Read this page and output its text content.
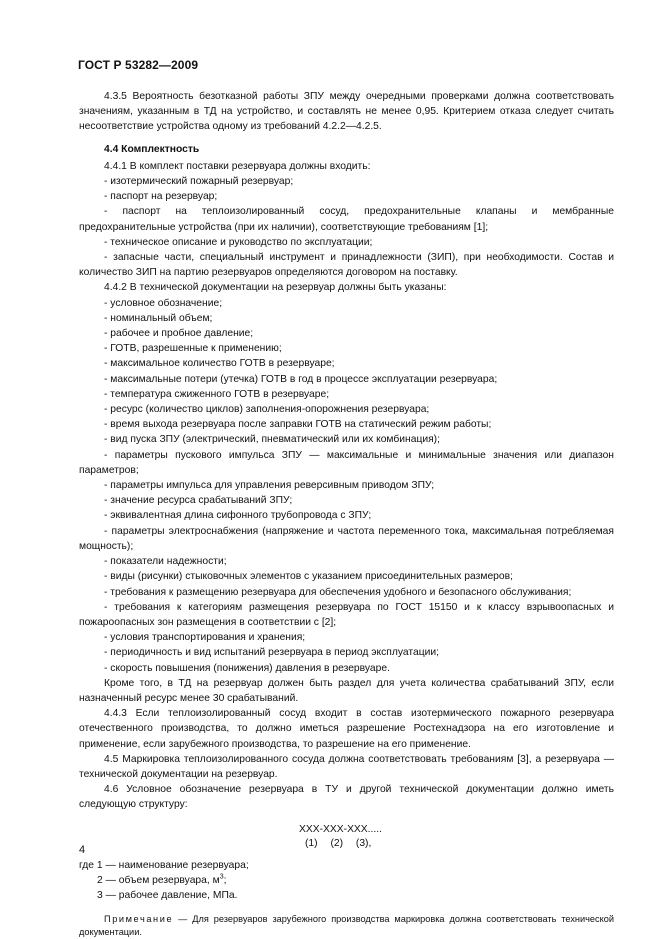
ГОСТ Р 53282—2009

4.3.5 Вероятность безотказной работы ЗПУ между очередными проверками должна соответствовать значениям, указанным в ТД на устройство, и составлять не менее 0,95. Критерием отказа следует считать несоответствие устройства одному из требований 4.2.2—4.2.5.

4.4 Комплектность

4.4.1 В комплект поставки резервуара должны входить:

- изотермический пожарный резервуар;

- паспорт на резервуар;

- паспорт на теплоизолированный сосуд, предохранительные клапаны и мембранные предохранительные устройства (при их наличии), соответствующие требованиям [1];

- техническое описание и руководство по эксплуатации;

- запасные части, специальный инструмент и принадлежности (ЗИП), при необходимости. Состав и количество ЗИП на партию резервуаров определяются договором на поставку.

4.4.2 В технической документации на резервуар должны быть указаны:

- условное обозначение;

- номинальный объем;

- рабочее и пробное давление;

- ГОТВ, разрешенные к применению;

- максимальное количество ГОТВ в резервуаре;

- максимальные потери (утечка) ГОТВ в год в процессе эксплуатации резервуара;

- температура сжиженного ГОТВ в резервуаре;

- ресурс (количество циклов) заполнения-опорожнения резервуара;

- время выхода резервуара после заправки ГОТВ на статический режим работы;

- вид пуска ЗПУ (электрический, пневматический или их комбинация);

- параметры пускового импульса ЗПУ — максимальные и минимальные значения или диапазон параметров;

- параметры импульса для управления реверсивным приводом ЗПУ;

- значение ресурса срабатываний ЗПУ;

- эквивалентная длина сифонного трубопровода с ЗПУ;

- параметры электроснабжения (напряжение и частота переменного тока, максимальная потребляемая мощность);

- показатели надежности;

- виды (рисунки) стыковочных элементов с указанием присоединительных размеров;

- требования к размещению резервуара для обеспечения удобного и безопасного обслуживания;

- требования к категориям размещения резервуара по ГОСТ 15150 и к классу взрывоопасных и пожароопасных зон размещения в соответствии с [2];

- условия транспортирования и хранения;

- периодичность и вид испытаний резервуара в период эксплуатации;

- скорость повышения (понижения) давления в резервуаре.

Кроме того, в ТД на резервуар должен быть раздел для учета количества срабатываний ЗПУ, если назначенный ресурс менее 30 срабатываний.

4.4.3 Если теплоизолированный сосуд входит в состав изотермического пожарного резервуара отечественного производства, то должно иметься разрешение Ростехнадзора на его изготовление и применение, если зарубежного производства, то разрешение на его применение.

4.5 Маркировка теплоизолированного сосуда должна соответствовать требованиям [3], а резервуара — технической документации на резервуар.

4.6 Условное обозначение резервуара в ТУ и другой технической документации должно иметь следующую структуру:

XXX-XXX-XXX.....

(1) (2) (3),

где 1 — наименование резервуара;

2 — объем резервуара, $м^3$;

3 — рабочее давление, МПа.

Примечание — Для резервуаров зарубежного производства маркировка должна соответствовать технической документации.

4
